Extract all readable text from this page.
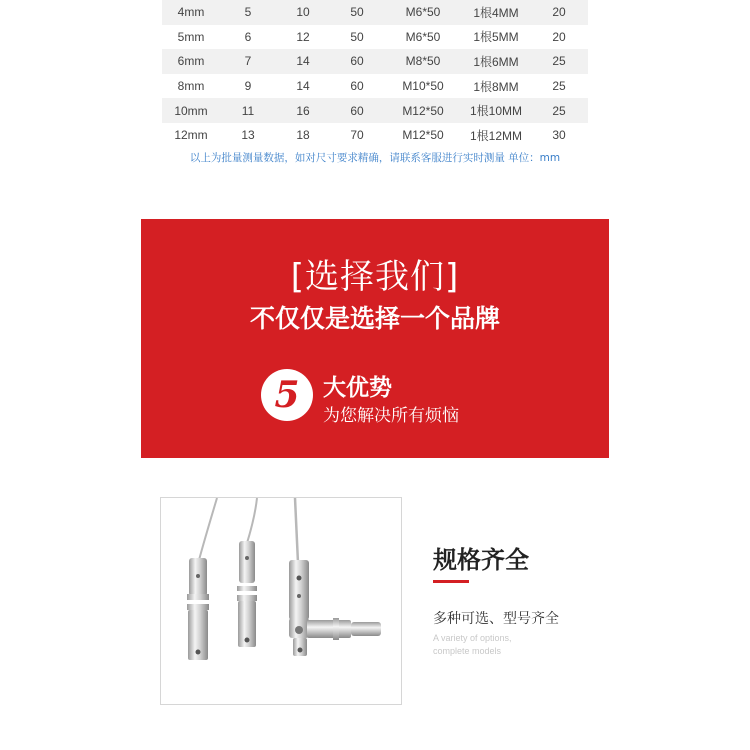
4mm	5	10	50	M6*50	1根4MM	20
5mm	6	12	50	M6*50	1根5MM	20
6mm	7	14	60	M8*50	1根6MM	25
8mm	9	14	60	M10*50	1根8MM	25
10mm	11	16	60	M12*50	1根10MM	25
12mm	13	18	70	M12*50	1根12MM	30
以上为批量测量数据，如对尺寸要求精确，请联系客服进行实时测量 单位：mm
[选择我们]
不仅仅是选择一个品牌
5	大优势
为您解决所有烦恼
规格齐全
多种可选、型号齐全
A variety of options,
complete models
